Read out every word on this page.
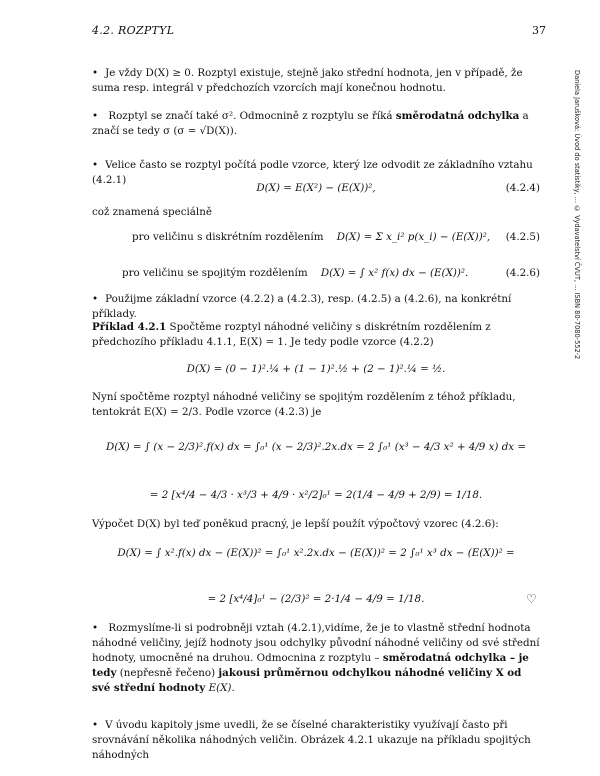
4.2. ROZPTYL	37
Daniela Jarušková: Úvod do statistiky, ... © Vydavatelství ČVUT, ... ISBN 80-7080-552-2
• Je vždy D(X) ≥ 0. Rozptyl existuje, stejně jako střední hodnota, jen v případě, že suma resp. integrál v předchozích vzorcích mají konečnou hodnotu.
• Rozptyl se značí také σ². Odmocnině z rozptylu se říká směrodatná odchylka a značí se tedy σ (σ = √D(X)).
• Velice často se rozptyl počítá podle vzorce, který lze odvodit ze základního vztahu (4.2.1)
D(X) = E(X²) − (E(X))²,	(4.2.4)
což znamená speciálně
pro veličinu s diskrétním rozdělením D(X) = Σ x_i² p(x_i) − (E(X))², (4.2.5)
pro veličinu se spojitým rozdělením D(X) = ∫ x² f(x) dx − (E(X))².	(4.2.6)
• Použijme základní vzorce (4.2.2) a (4.2.3), resp. (4.2.5) a (4.2.6), na konkrétní příklady.
Příklad 4.2.1 Spočtěme rozptyl náhodné veličiny s diskrétním rozdělením z předchozího příkladu 4.1.1, E(X) = 1. Je tedy podle vzorce (4.2.2)
D(X) = (0 − 1)².¼ + (1 − 1)².½ + (2 − 1)².¼ = ½.
Nyní spočtěme rozptyl náhodné veličiny se spojitým rozdělením z téhož příkladu, tentokrát E(X) = 2/3. Podle vzorce (4.2.3) je
D(X) = ∫ (x − 2/3)².f(x) dx = ∫₀¹ (x − 2/3)².2x.dx = 2 ∫₀¹ (x³ − 4/3 x² + 4/9 x) dx =
= 2 [x⁴/4 − 4/3 · x³/3 + 4/9 · x²/2]₀¹ = 2(1/4 − 4/9 + 2/9) = 1/18.
Výpočet D(X) byl teď poněkud pracný, je lepší použít výpočtový vzorec (4.2.6):
D(X) = ∫ x².f(x) dx − (E(X))² = ∫₀¹ x².2x.dx − (E(X))² = 2 ∫₀¹ x³ dx − (E(X))² =
= 2 [x⁴/4]₀¹ − (2/3)² = 2·1/4 − 4/9 = 1/18.	♡
• Rozmyslíme-li si podrobněji vztah (4.2.1),vidíme, že je to vlastně střední hodnota náhodné veličiny, jejíž hodnoty jsou odchylky původní náhodné veličiny od své střední hodnoty, umocněné na druhou. Odmocnina z rozptylu – směrodatná odchylka – je tedy (nepřesně řečeno) jakousi průměrnou odchylkou náhodné veličiny X od své střední hodnoty E(X).
• V úvodu kapitoly jsme uvedli, že se číselné charakteristiky využívají často při srovnávání několika náhodných veličin. Obrázek 4.2.1 ukazuje na příkladu spojitých náhodných
